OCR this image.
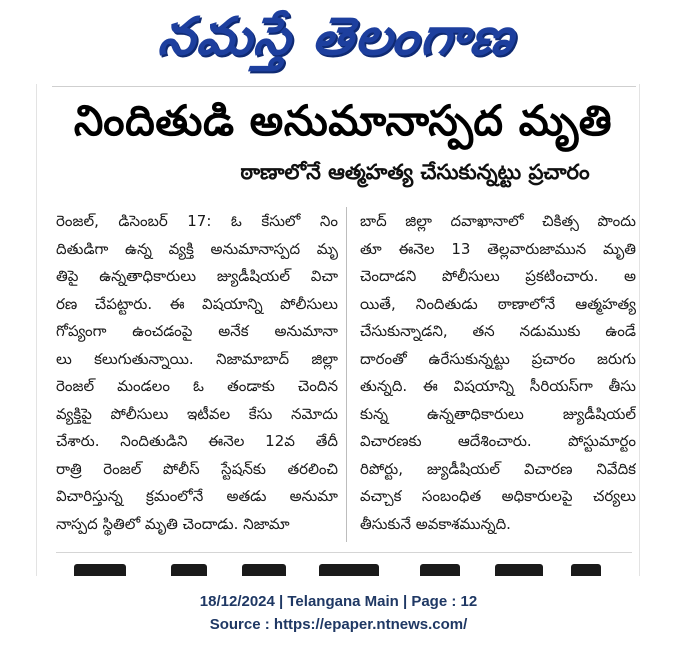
నమస్తే తెలంగాణ
నిందితుడి అనుమానాస్పద మృతి
ఠాణాలోనే ఆత్మహత్య చేసుకున్నట్టు ప్రచారం
రెంజల్‌, డిసెంబర్‌ 17: ఓ కేసులో నిం
దితుడిగా ఉన్న వ్యక్తి అనుమానాస్పద మృ
తిపై ఉన్నతాధికారులు జ్యుడీషియల్‌ విచా
రణ చేపట్టారు. ఈ విషయాన్ని పోలీసులు
గోప్యంగా ఉంచడంపై అనేక అనుమానా
లు కలుగుతున్నాయి. నిజామాబాద్‌ జిల్లా
రెంజల్‌ మండలం ఓ తండాకు చెందిన
వ్యక్తిపై పోలీసులు ఇటీవల కేసు నమోదు
చేశారు. నిందితుడిని ఈనెల 12వ తేదీ
రాత్రి రెంజల్‌ పోలీస్‌ స్టేషన్‌కు తరలించి
విచారిస్తున్న క్రమంలోనే అతడు అనుమా
నాస్పద స్థితిలో మృతి చెందాడు. నిజామా
బాద్‌ జిల్లా దవాఖానాలో చికిత్స పొందు
తూ ఈనెల 13 తెల్లవారుజామున మృతి
చెందాడని పోలీసులు ప్రకటించారు. అ
యితే, నిందితుడు ఠాణాలోనే ఆత్మహత్య
చేసుకున్నాడని, తన నడుముకు ఉండే
దారంతో ఉరేసుకున్నట్టు ప్రచారం జరుగు
తున్నది. ఈ విషయాన్ని సీరియస్‌గా తీసు
కున్న ఉన్నతాధికారులు జ్యుడీషియల్‌
విచారణకు ఆదేశించారు. పోస్టుమార్టం
రిపోర్టు, జ్యుడీషియల్‌ విచారణ నివేదిక
వచ్చాక సంబంధిత అధికారులపై చర్యలు
తీసుకునే అవకాశమున్నది.

18/12/2024 | Telangana Main | Page : 12
Source : https://epaper.ntnews.com/
